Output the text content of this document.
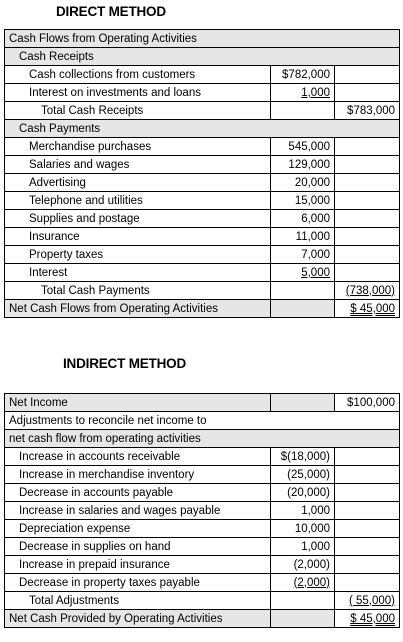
DIRECT METHOD
Cash Flows from Operating Activities		
Cash Receipts		
Cash collections from customers	$782,000	
Interest on investments and loans	1,000	
Total Cash Receipts		$783,000
Cash Payments		
Merchandise purchases	545,000	
Salaries and wages	129,000	
Advertising	20,000	
Telephone and utilities	15,000	
Supplies and postage	6,000	
Insurance	11,000	
Property taxes	7,000	
Interest	5,000	
Total Cash Payments		(738,000)
Net Cash Flows from Operating Activities		$ 45,000
INDIRECT METHOD
Net Income		$100,000
Adjustments to reconcile net income to		
net cash flow from operating activities		
Increase in accounts receivable	$(18,000)	
Increase in merchandise inventory	(25,000)	
Decrease in accounts payable	(20,000)	
Increase in salaries and wages payable	1,000	
Depreciation expense	10,000	
Decrease in supplies on hand	1,000	
Increase in prepaid insurance	(2,000)	
Decrease in property taxes payable	(2,000)	
Total Adjustments		( 55,000)
Net Cash Provided by Operating Activities		$ 45,000
